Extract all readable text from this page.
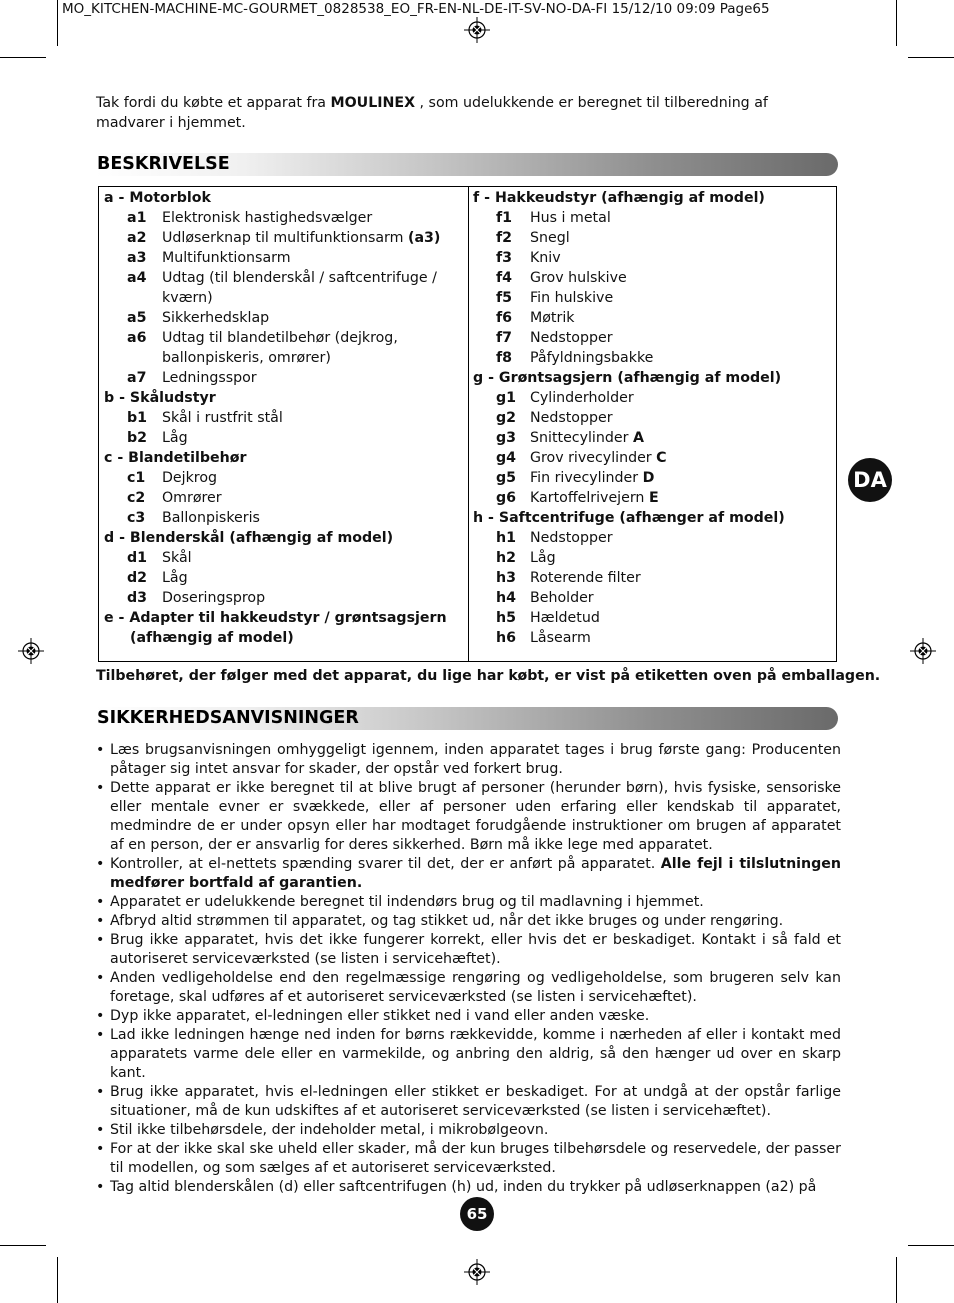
MO_KITCHEN-MACHINE-MC-GOURMET_0828538_EO_FR-EN-NL-DE-IT-SV-NO-DA-FI 15/12/10 09:09 Page65
Tak fordi du købte et apparat fra MOULINEX , som udelukkende er beregnet til tilberedning af madvarer i hjemmet.
BESKRIVELSE
a - Motorblok
a1 Elektronisk hastighedsvælger
a2 Udløserknap til multifunktionsarm (a3)
a3 Multifunktionsarm
a4 Udtag (til blenderskål / saftcentrifuge /
kværn)
a5 Sikkerhedsklap
a6 Udtag til blandetilbehør (dejkrog,
ballonpiskeris, omrører)
a7 Ledningsspor
b - Skåludstyr
b1 Skål i rustfrit stål
b2 Låg
c - Blandetilbehør
c1 Dejkrog
c2 Omrører
c3 Ballonpiskeris
d - Blenderskål (afhængig af model)
d1 Skål
d2 Låg
d3 Doseringsprop
e - Adapter til hakkeudstyr / grøntsagsjern
(afhængig af model)
f - Hakkeudstyr (afhængig af model)
f1 Hus i metal
f2 Snegl
f3 Kniv
f4 Grov hulskive
f5 Fin hulskive
f6 Møtrik
f7 Nedstopper
f8 Påfyldningsbakke
g - Grøntsagsjern (afhængig af model)
g1 Cylinderholder
g2 Nedstopper
g3 Snittecylinder A
g4 Grov rivecylinder C
g5 Fin rivecylinder D
g6 Kartoffelrivejern E
h - Saftcentrifuge (afhænger af model)
h1 Nedstopper
h2 Låg
h3 Roterende filter
h4 Beholder
h5 Hældetud
h6 Låsearm
Tilbehøret, der følger med det apparat, du lige har købt, er vist på etiketten oven på emballagen.
SIKKERHEDSANVISNINGER
• Læs brugsanvisningen omhyggeligt igennem, inden apparatet tages i brug første gang: Producenten påtager sig intet ansvar for skader, der opstår ved forkert brug.
• Dette apparat er ikke beregnet til at blive brugt af personer (herunder børn), hvis fysiske, sensoriske eller mentale evner er svækkede, eller af personer uden erfaring eller kendskab til apparatet, medmindre de er under opsyn eller har modtaget forudgående instruktioner om brugen af apparatet af en person, der er ansvarlig for deres sikkerhed. Børn må ikke lege med apparatet.
• Kontroller, at el-nettets spænding svarer til det, der er anført på apparatet. Alle fejl i tilslutningen medfører bortfald af garantien.
• Apparatet er udelukkende beregnet til indendørs brug og til madlavning i hjemmet.
• Afbryd altid strømmen til apparatet, og tag stikket ud, når det ikke bruges og under rengøring.
• Brug ikke apparatet, hvis det ikke fungerer korrekt, eller hvis det er beskadiget. Kontakt i så fald et autoriseret serviceværksted (se listen i servicehæftet).
• Anden vedligeholdelse end den regelmæssige rengøring og vedligeholdelse, som brugeren selv kan foretage, skal udføres af et autoriseret serviceværksted (se listen i servicehæftet).
• Dyp ikke apparatet, el-ledningen eller stikket ned i vand eller anden væske.
• Lad ikke ledningen hænge ned inden for børns rækkevidde, komme i nærheden af eller i kontakt med apparatets varme dele eller en varmekilde, og anbring den aldrig, så den hænger ud over en skarp kant.
• Brug ikke apparatet, hvis el-ledningen eller stikket er beskadiget. For at undgå at der opstår farlige situationer, må de kun udskiftes af et autoriseret serviceværksted (se listen i servicehæftet).
• Stil ikke tilbehørsdele, der indeholder metal, i mikrobølgeovn.
• For at der ikke skal ske uheld eller skader, må der kun bruges tilbehørsdele og reservedele, der passer til modellen, og som sælges af et autoriseret serviceværksted.
• Tag altid blenderskålen (d) eller saftcentrifugen (h) ud, inden du trykker på udløserknappen (a2) på
DA
65
